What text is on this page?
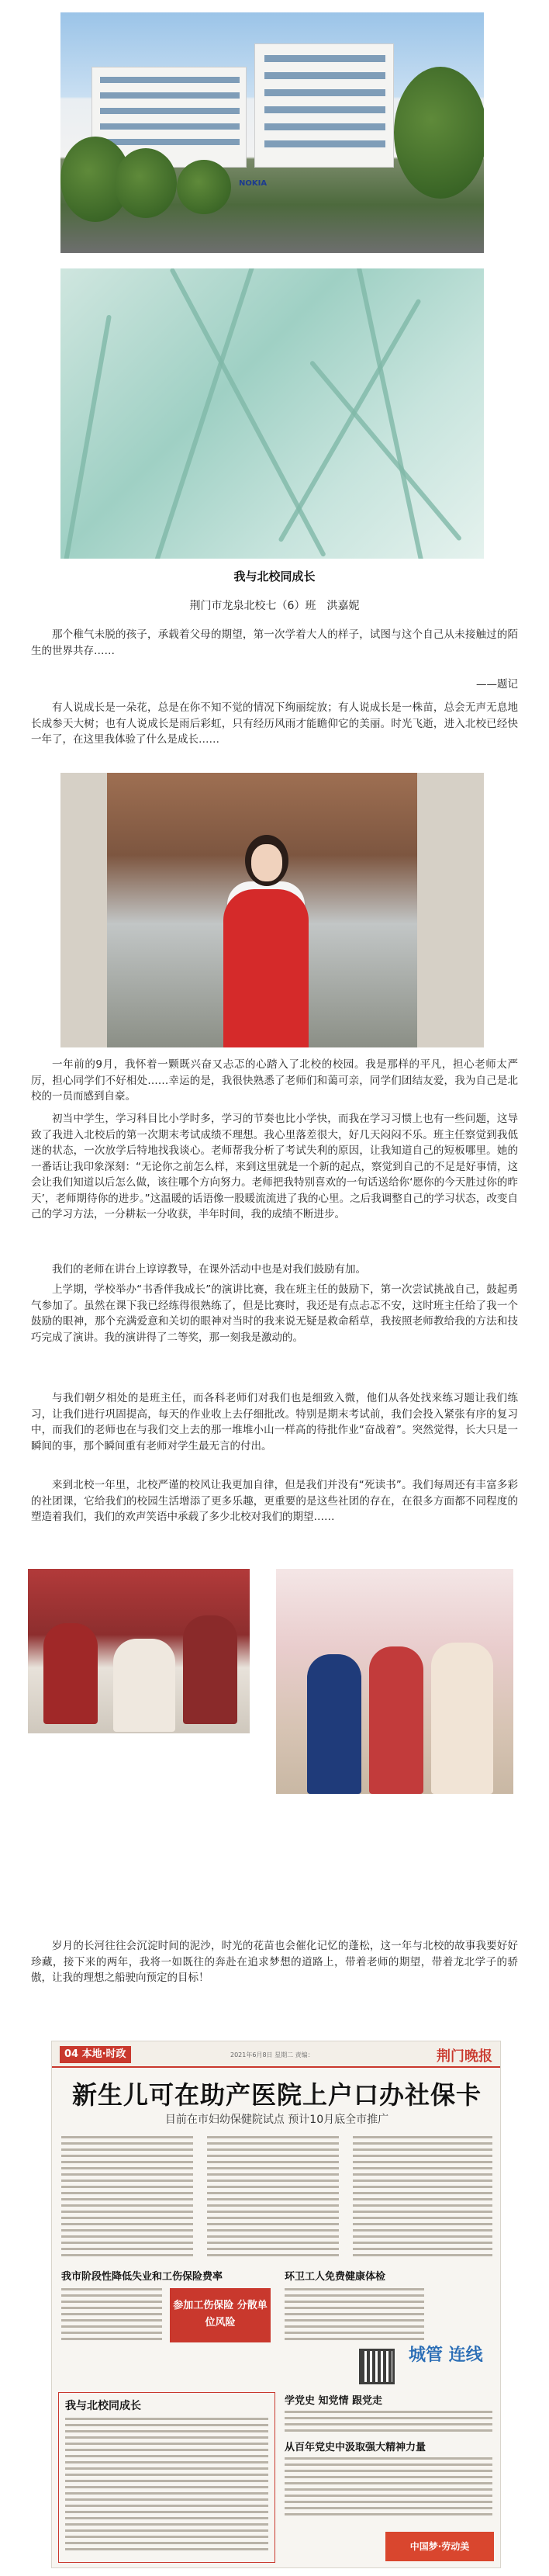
NOKIA
我与北校同成长
荆门市龙泉北校七（6）班　洪嘉妮
那个稚气未脱的孩子，承载着父母的期望，第一次学着大人的样子，试图与这个自己从未接触过的陌生的世界共存……
——题记
有人说成长是一朵花，总是在你不知不觉的情况下绚丽绽放；有人说成长是一株苗，总会无声无息地长成参天大树；也有人说成长是雨后彩虹，只有经历风雨才能瞻仰它的美丽。时光飞逝，进入北校已经快一年了，在这里我体验了什么是成长……
一年前的9月，我怀着一颗既兴奋又忐忑的心踏入了北校的校园。我是那样的平凡，担心老师太严厉，担心同学们不好相处……幸运的是，我很快熟悉了老师们和蔼可亲，同学们团结友爱，我为自己是北校的一员而感到自豪。
初当中学生，学习科目比小学时多，学习的节奏也比小学快，而我在学习习惯上也有一些问题，这导致了我进入北校后的第一次期末考试成绩不理想。我心里落差很大，好几天闷闷不乐。班主任察觉到我低迷的状态，一次放学后特地找我谈心。老师帮我分析了考试失利的原因，让我知道自己的短板哪里。她的一番话让我印象深刻：“无论你之前怎么样，来到这里就是一个新的起点，察觉到自己的不足是好事情，这会让我们知道以后怎么做，该往哪个方向努力。老师把我特别喜欢的一句话送给你‘愿你的今天胜过你的昨天’，老师期待你的进步。”这温暖的话语像一股暖流流进了我的心里。之后我调整自己的学习状态，改变自己的学习方法，一分耕耘一分收获，半年时间，我的成绩不断进步。
我们的老师在讲台上谆谆教导，在课外活动中也是对我们鼓励有加。
上学期，学校举办“书香伴我成长”的演讲比赛，我在班主任的鼓励下，第一次尝试挑战自己，鼓起勇气参加了。虽然在课下我已经练得很熟练了，但是比赛时，我还是有点忐忑不安，这时班主任给了我一个鼓励的眼神，那个充满爱意和关切的眼神对当时的我来说无疑是救命稻草，我按照老师教给我的方法和技巧完成了演讲。我的演讲得了二等奖，那一刻我是激动的。
与我们朝夕相处的是班主任，而各科老师们对我们也是细致入微，他们从各处找来练习题让我们练习，让我们进行巩固提高，每天的作业收上去仔细批改。特别是期末考试前，我们会投入紧张有序的复习中，而我们的老师也在与我们交上去的那一堆堆小山一样高的待批作业“奋战着”。突然觉得，长大只是一瞬间的事，那个瞬间重有老师对学生最无言的付出。
来到北校一年里，北校严谨的校风让我更加自律，但是我们并没有“死读书”。我们每周还有丰富多彩的社团课，它给我们的校园生活增添了更多乐趣，更重要的是这些社团的存在，在很多方面都不同程度的塑造着我们，我们的欢声笑语中承载了多少北校对我们的期望……
岁月的长河往往会沉淀时间的泥沙，时光的花苗也会催化记忆的蓬松，这一年与北校的故事我要好好珍藏，接下来的两年，我将一如既往的奔赴在追求梦想的道路上，带着老师的期望，带着龙北学子的骄傲，让我的理想之船驶向预定的目标！
04 本地·时政	2021年6月8日 星期二 责编：	荆门晚报
新生儿可在助产医院上户口办社保卡
目前在市妇幼保健院试点 预计10月底全市推广
我市阶段性降低失业和工伤保险费率	环卫工人免费健康体检
参加工伤保险 分散单位风险
城管 连线
我与北校同成长	学党史 知党情 跟党走
从百年党史中汲取强大精神力量
中国梦·劳动美
